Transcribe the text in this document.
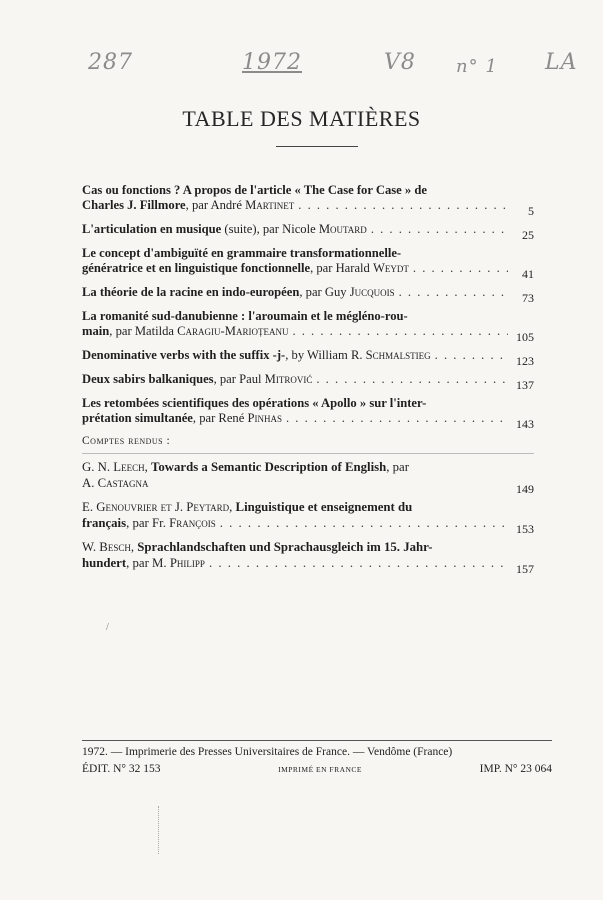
287	1972	V8 n° 1 LA
TABLE DES MATIÈRES
Cas ou fonctions ? A propos de l'article « The Case for Case » de
Charles J. Fillmore, par André Martinet . . .	5
L'articulation en musique (suite), par Nicole Moutard . . .	25
Le concept d'ambiguïté en grammaire transformationnelle-
génératrice et en linguistique fonctionnelle, par Harald Weydt . . .	41
La théorie de la racine en indo-européen, par Guy Jucquois . . .	73
La romanité sud-danubienne : l'aroumain et le mégléno-rou-
main, par Matilda Caragiu-Marioțeanu . . .	105
Denominative verbs with the suffix -j-, by William R. Schmalstieg . . .	123
Deux sabirs balkaniques, par Paul Mitrović . . .	137
Les retombées scientifiques des opérations « Apollo » sur l'inter-
prétation simultanée, par René Pinhas . . .	143
Comptes rendus :
G. N. Leech, Towards a Semantic Description of English, par
A. Castagna	149
E. Genouvrier et J. Peytard, Linguistique et enseignement du
français, par Fr. François . . .	153
W. Besch, Sprachlandschaften und Sprachausgleich im 15. Jahr-
hundert, par M. Philipp . . .	157
/
1972. — Imprimerie des Presses Universitaires de France. — Vendôme (France)
ÉDIT. N° 32 153	IMPRIMÉ EN FRANCE	IMP. N° 23 064
